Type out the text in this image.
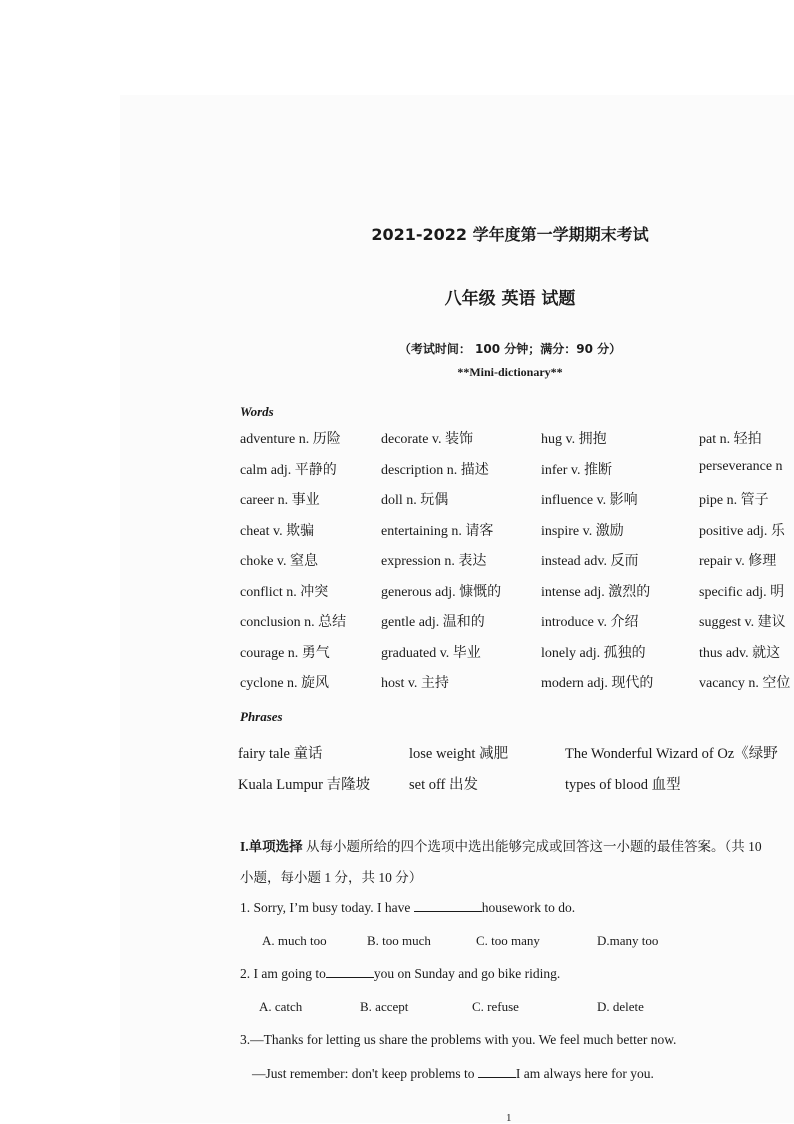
2021-2022 学年度第一学期期末考试
八年级 英语 试题
（考试时间： 100 分钟；满分：90 分）
**Mini-dictionary**
Words
adventure n. 历险	decorate v. 装饰	hug v. 拥抱	pat n. 轻拍
calm adj. 平静的	description n. 描述	infer v. 推断	perseverance n
career n. 事业	doll n. 玩偶	influence v. 影响	pipe n. 管子
cheat v. 欺骗	entertaining n. 请客	inspire v. 激励	positive adj. 乐
choke v. 窒息	expression n. 表达	instead adv. 反而	repair v. 修理
conflict n. 冲突	generous adj. 慷慨的	intense adj. 激烈的	specific adj. 明
conclusion n. 总结 gentle adj. 温和的	introduce v. 介绍	suggest v. 建议
courage n. 勇气	graduated v. 毕业	lonely adj. 孤独的	thus adv. 就这
cyclone n. 旋风	host v. 主持	modern adj. 现代的	vacancy n. 空位
Phrases
fairy tale 童话	lose weight 减肥	The Wonderful Wizard of Oz《绿野
Kuala Lumpur 吉隆坡	set off 出发	types of blood 血型
I.单项选择 从每小题所给的四个选项中选出能够完成或回答这一小题的最佳答案。（共 10
小题，每小题 1 分，共 10 分）
1. Sorry, I’m busy today. I have	housework to do.
A. much too	B. too much	C. too many	D.many too
2. I am going to	you on Sunday and go bike riding.
A. catch	B. accept	C. refuse	D. delete
3.—Thanks for letting us share the problems with you. We feel much better now.
—Just remember: don't keep problems to	I am always here for you.
1
